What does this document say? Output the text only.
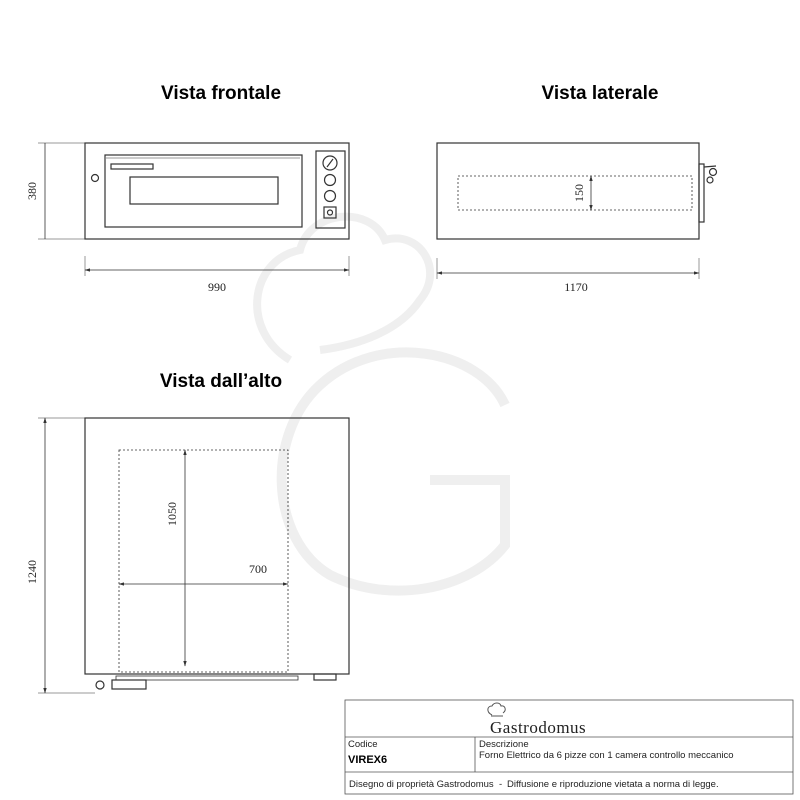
Vista frontale
380
990
Vista laterale
150
1170
Vista dall’alto
1050
700
1240
Gastrodomus
Codice
VIREX6
Descrizione
Forno Elettrico da 6 pizze con 1 camera controllo meccanico
Disegno di proprietà Gastrodomus - Diffusione e riproduzione vietata a norma di legge.
